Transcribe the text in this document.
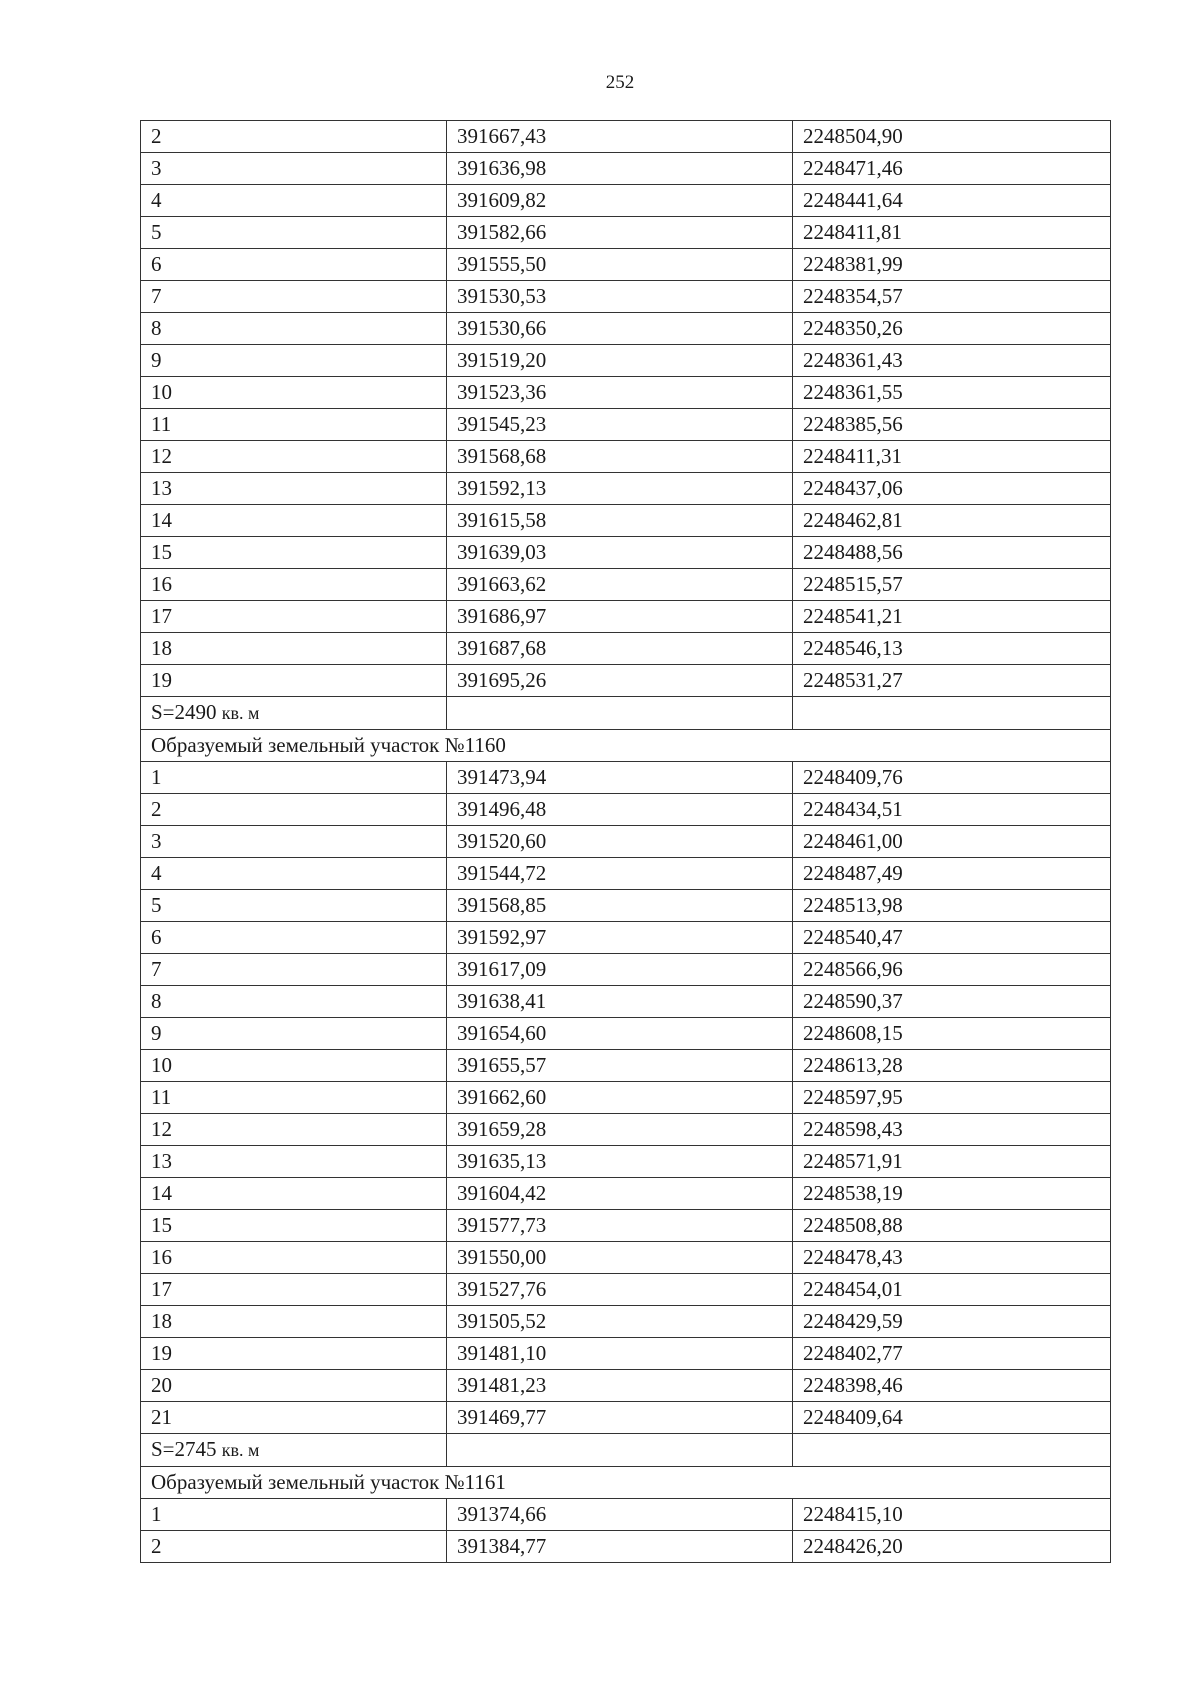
252
2	391667,43	2248504,90
3	391636,98	2248471,46
4	391609,82	2248441,64
5	391582,66	2248411,81
6	391555,50	2248381,99
7	391530,53	2248354,57
8	391530,66	2248350,26
9	391519,20	2248361,43
10	391523,36	2248361,55
11	391545,23	2248385,56
12	391568,68	2248411,31
13	391592,13	2248437,06
14	391615,58	2248462,81
15	391639,03	2248488,56
16	391663,62	2248515,57
17	391686,97	2248541,21
18	391687,68	2248546,13
19	391695,26	2248531,27
S=2490 кв. м		
Образуемый земельный участок №1160		
1	391473,94	2248409,76
2	391496,48	2248434,51
3	391520,60	2248461,00
4	391544,72	2248487,49
5	391568,85	2248513,98
6	391592,97	2248540,47
7	391617,09	2248566,96
8	391638,41	2248590,37
9	391654,60	2248608,15
10	391655,57	2248613,28
11	391662,60	2248597,95
12	391659,28	2248598,43
13	391635,13	2248571,91
14	391604,42	2248538,19
15	391577,73	2248508,88
16	391550,00	2248478,43
17	391527,76	2248454,01
18	391505,52	2248429,59
19	391481,10	2248402,77
20	391481,23	2248398,46
21	391469,77	2248409,64
S=2745 кв. м		
Образуемый земельный участок №1161		
1	391374,66	2248415,10
2	391384,77	2248426,20
